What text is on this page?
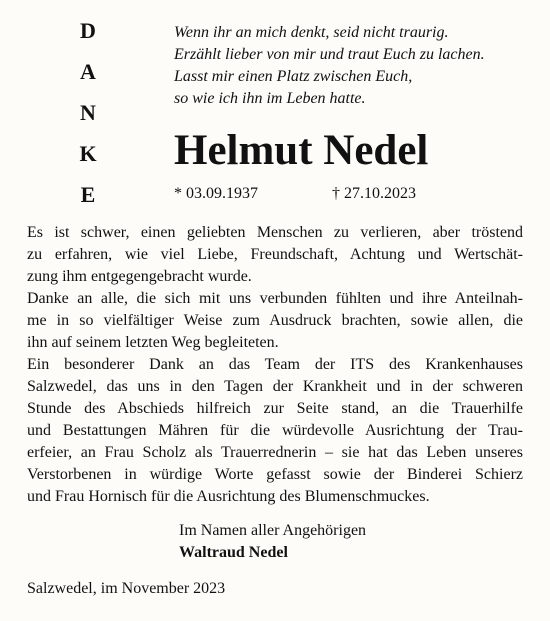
D
A
N
K
E
Wenn ihr an mich denkt, seid nicht traurig.
Erzählt lieber von mir und traut Euch zu lachen.
Lasst mir einen Platz zwischen Euch,
so wie ich ihn im Leben hatte.
Helmut Nedel
* 03.09.1937	† 27.10.2023
Es ist schwer, einen geliebten Menschen zu verlieren, aber tröstend
zu erfahren, wie viel Liebe, Freundschaft, Achtung und Wertschät-
zung ihm entgegengebracht wurde.
Danke an alle, die sich mit uns verbunden fühlten und ihre Anteilnah-
me in so vielfältiger Weise zum Ausdruck brachten, sowie allen, die
ihn auf seinem letzten Weg begleiteten.
Ein besonderer Dank an das Team der ITS des Krankenhauses
Salzwedel, das uns in den Tagen der Krankheit und in der schweren
Stunde des Abschieds hilfreich zur Seite stand, an die Trauerhilfe
und Bestattungen Mähren für die würdevolle Ausrichtung der Trau-
erfeier, an Frau Scholz als Trauerrednerin – sie hat das Leben unseres
Verstorbenen in würdige Worte gefasst sowie der Binderei Schierz
und Frau Hornisch für die Ausrichtung des Blumenschmuckes.
Im Namen aller Angehörigen
Waltraud Nedel
Salzwedel, im November 2023
